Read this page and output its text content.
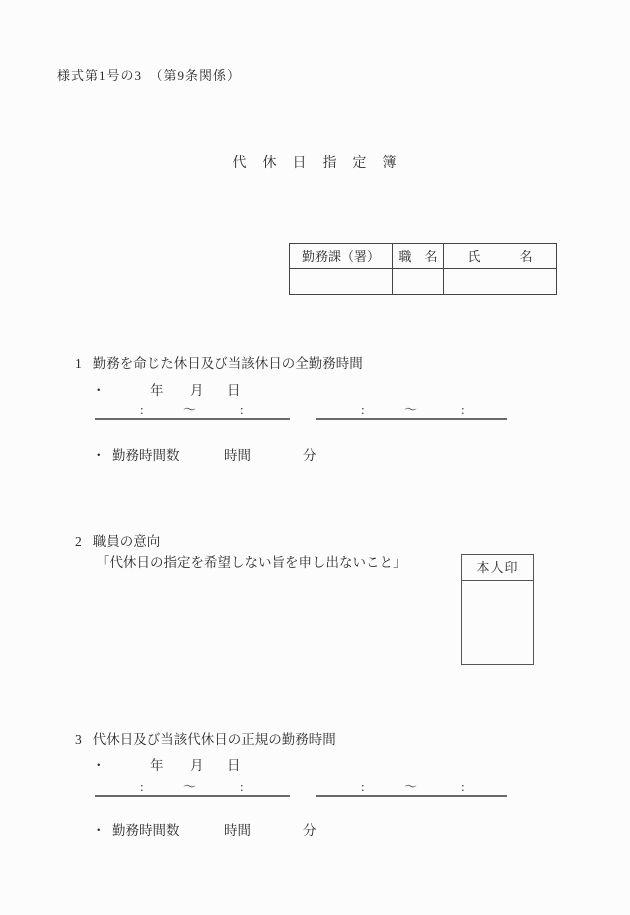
様式第1号の3　（第9条関係）
代　休　日　指　定　簿
勤務課（署）	職　名	氏　　　名

1 勤務を命じた休日及び当該休日の全勤務時間
・	年 月 日
:	～	:	:	～	:
・ 勤務時間数	時間	分
2 職員の意向
「代休日の指定を希望しない旨を申し出ないこと」	本人印
3 代休日及び当該代休日の正規の勤務時間
・	年 月 日
:	～	:	:	～	:
・ 勤務時間数	時間	分
